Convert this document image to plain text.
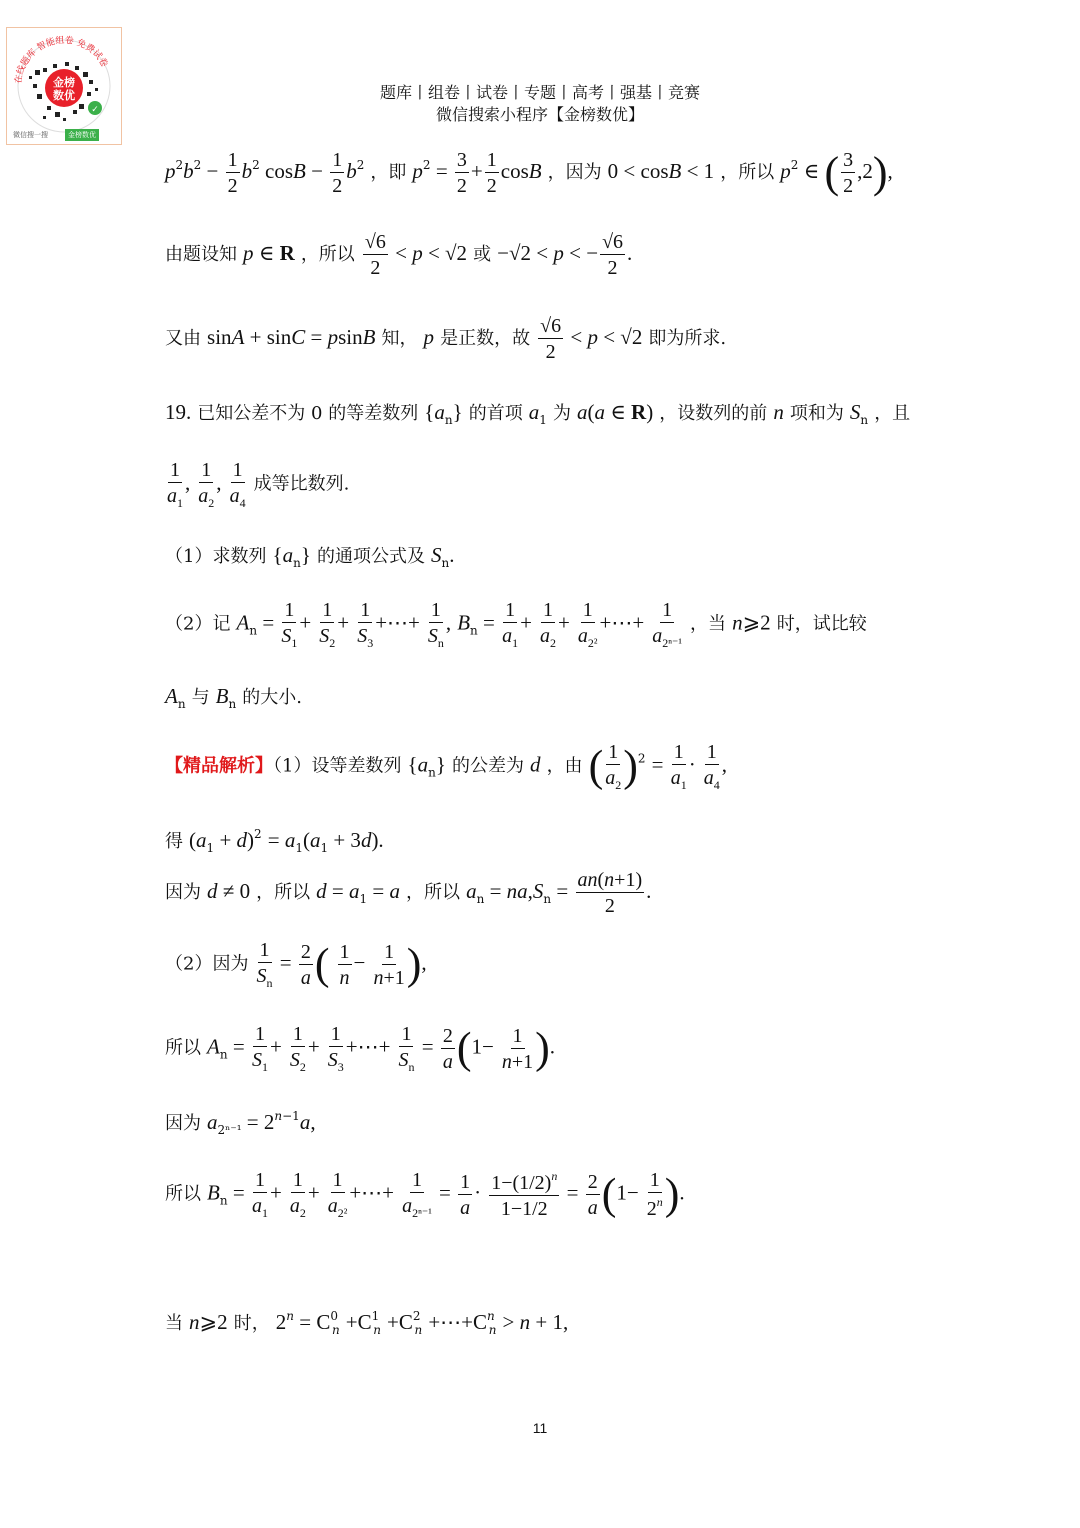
在线题库 智能组卷 免费试卷
金榜
数优
✓
微信搜一搜	金榜数优
题库丨组卷丨试卷丨专题丨高考丨强基丨竞赛
微信搜索小程序【金榜数优】
$p^2b^2 - \frac{1}{2} b^2$ $\cos B - \frac{1}{2} b^2$ ，即 $p^2 = \frac{3}{2} + \frac{1}{2}$ cosB ，因为 0 < cosB < 1 ，所以 $p^2$ ∈ ( $\frac{3}{2} ,2$),
由题设知 p ∈ R ，所以 $\frac{√6}{2} < p < √2$ 或 −√2 < p < − $\frac{√6}{2}$ .
又由 sinA + sinC = psinB 知， p 是正数，故 $\frac{√6}{2} < p < √2$ 即为所求.
19. 已知公差不为 0 的等差数列 $\{a_n\}$ 的首项 $a_1$ 为 a(a ∈ R) ，设数列的前 n 项和为 $S_n$ ，且
$\frac{1}{a_1}$ , $\frac{1}{a_2}$ , $\frac{1}{a_4}$ 成等比数列.
（1）求数列 $\{a_n\}$ 的通项公式及 $S_n$.
（2）记 $A_n = \frac{1}{S_1} + \frac{1}{S_2} + \frac{1}{S_3}$ +⋯+ $\frac{1}{S_n}$ , $B_n = \frac{1}{a_1} + \frac{1}{a_2} + \frac{1}{a_{2^2}}$ +⋯+ $\frac{1}{a_{2^{n-1}}}$ ，当 n⩾2 时，试比较
$A_n$ 与 $B_n$ 的大小.
【精品解析】（1）设等差数列 $\{a_n\}$ 的公差为 d ，由 ( $\frac{1}{a_2} )^2 = \frac{1}{a_1} \cdot \frac{1}{a_4}$ ,
得 $(a_1 + d)^2 = a_1(a_1 + 3d)$.
因为 d ≠ 0 ，所以 $d = a_1 = a$ ，所以 $a_n = na,S_n = \frac{an(n+1)}{2}$ .
（2）因为 $\frac{1}{S_n} = \frac{2}{a}$ ( $\frac{1}{n} - \frac{1}{n+1}$ ),
所以 $A_n = \frac{1}{S_1} + \frac{1}{S_2} + \frac{1}{S_3}$ +⋯+ $\frac{1}{S_n} = \frac{2}{a} (1- \frac{1}{n+1}$ ).
因为 $a_{2^{n-1}} = 2^{n-1}a$,
所以 $B_n = \frac{1}{a_1} + \frac{1}{a_2} + \frac{1}{a_{2^2}}$ +⋯+ $\frac{1}{a_{2^{n-1}}} = \frac{1}{a} \cdot \frac{1-(1/2)^n}{1-1/2} = \frac{2}{a} (1- \frac{1}{2^n}$ ).
当 n⩾2 时， $2^n = C^0_n +C^1_n +C^2_n$ $+\cdots+C^n_n > n + 1$,
11
